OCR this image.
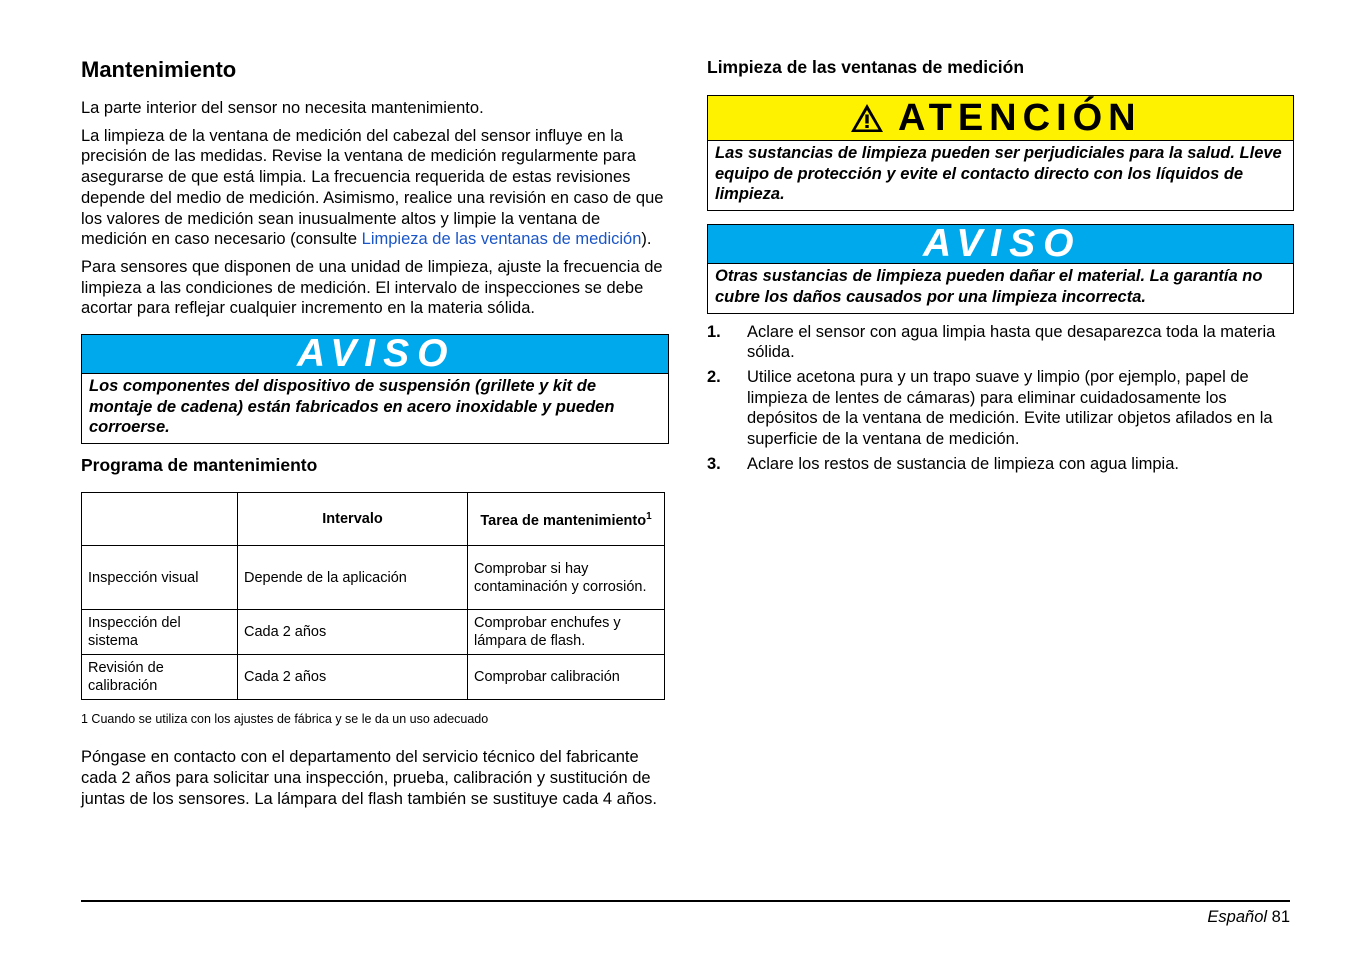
Mantenimiento

La parte interior del sensor no necesita mantenimiento.

La limpieza de la ventana de medición del cabezal del sensor influye en la precisión de las medidas. Revise la ventana de medición regularmente para asegurarse de que está limpia. La frecuencia requerida de estas revisiones depende del medio de medición. Asimismo, realice una revisión en caso de que los valores de medición sean inusualmente altos y limpie la ventana de medición en caso necesario (consulte Limpieza de las ventanas de medición).

Para sensores que disponen de una unidad de limpieza, ajuste la frecuencia de limpieza a las condiciones de medición. El intervalo de inspecciones se debe acortar para reflejar cualquier incremento en la materia sólida.

AVISO
Los componentes del dispositivo de suspensión (grillete y kit de montaje de cadena) están fabricados en acero inoxidable y pueden corroerse.
Programa de mantenimiento
	Intervalo	Tarea de mantenimiento$^1$
Inspección visual	Depende de la aplicación	Comprobar si hay contaminación y corrosión.
Inspección del sistema	Cada 2 años	Comprobar enchufes y lámpara de flash.
Revisión de calibración	Cada 2 años	Comprobar calibración

1 Cuando se utiliza con los ajustes de fábrica y se le da un uso adecuado

Póngase en contacto con el departamento del servicio técnico del fabricante cada 2 años para solicitar una inspección, prueba, calibración y sustitución de juntas de los sensores. La lámpara del flash también se sustituye cada 4 años.

Limpieza de las ventanas de medición
ATENCIÓN
Las sustancias de limpieza pueden ser perjudiciales para la salud. Lleve equipo de protección y evite el contacto directo con los líquidos de limpieza.
AVISO
Otras sustancias de limpieza pueden dañar el material. La garantía no cubre los daños causados por una limpieza incorrecta.
1.	Aclare el sensor con agua limpia hasta que desaparezca toda la materia sólida.
2.	Utilice acetona pura y un trapo suave y limpio (por ejemplo, papel de limpieza de lentes de cámaras) para eliminar cuidadosamente los depósitos de la ventana de medición. Evite utilizar objetos afilados en la superficie de la ventana de medición.
3.	Aclare los restos de sustancia de limpieza con agua limpia.
Español 81
